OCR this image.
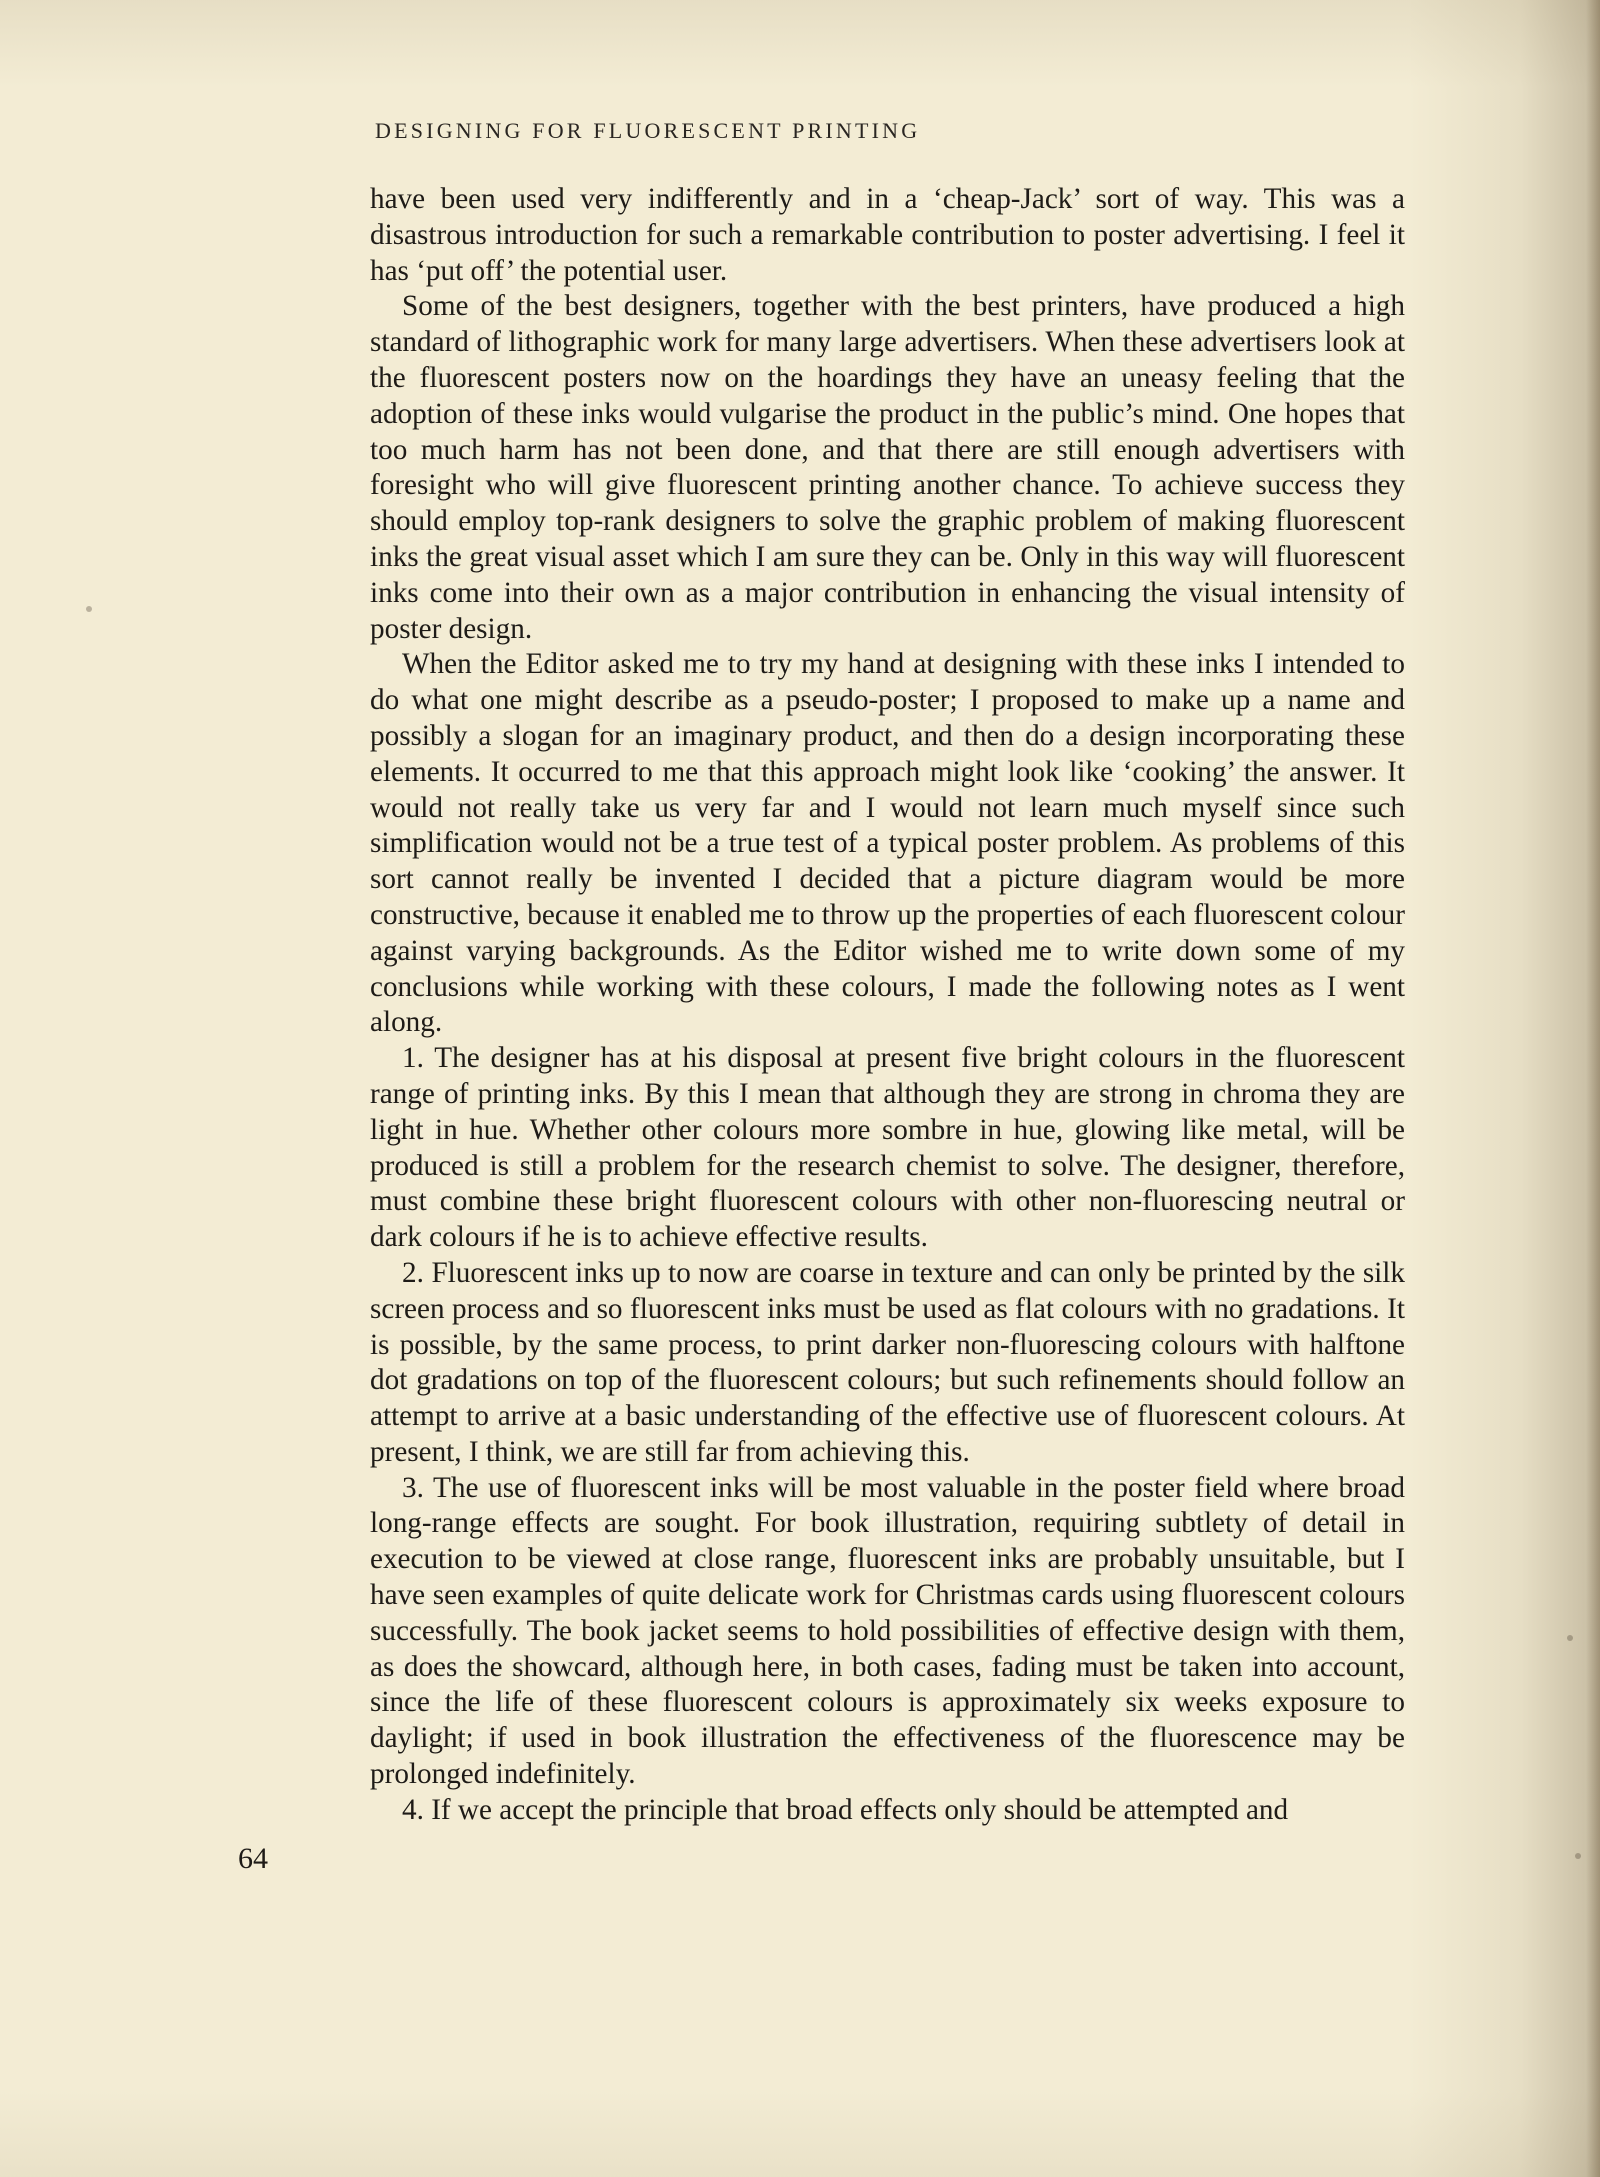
DESIGNING FOR FLUORESCENT PRINTING

have been used very indifferently and in a ‘cheap-Jack’ sort of way. This was a disastrous introduction for such a remarkable contribution to poster advertising. I feel it has ‘put off’ the potential user.

Some of the best designers, together with the best printers, have produced a high standard of lithographic work for many large advertisers. When these advertisers look at the fluorescent posters now on the hoardings they have an uneasy feeling that the adoption of these inks would vulgarise the product in the public’s mind. One hopes that too much harm has not been done, and that there are still enough advertisers with foresight who will give fluorescent printing another chance. To achieve success they should employ top-rank designers to solve the graphic problem of making fluorescent inks the great visual asset which I am sure they can be. Only in this way will fluorescent inks come into their own as a major contribution in enhancing the visual intensity of poster design.

When the Editor asked me to try my hand at designing with these inks I intended to do what one might describe as a pseudo-poster; I proposed to make up a name and possibly a slogan for an imaginary product, and then do a design incorporating these elements. It occurred to me that this approach might look like ‘cooking’ the answer. It would not really take us very far and I would not learn much myself since such simplification would not be a true test of a typical poster problem. As problems of this sort cannot really be invented I decided that a picture diagram would be more constructive, because it enabled me to throw up the properties of each fluorescent colour against varying backgrounds. As the Editor wished me to write down some of my conclusions while working with these colours, I made the following notes as I went along.

1. The designer has at his disposal at present five bright colours in the fluorescent range of printing inks. By this I mean that although they are strong in chroma they are light in hue. Whether other colours more sombre in hue, glowing like metal, will be produced is still a problem for the research chemist to solve. The designer, therefore, must combine these bright fluorescent colours with other non-fluorescing neutral or dark colours if he is to achieve effective results.

2. Fluorescent inks up to now are coarse in texture and can only be printed by the silk screen process and so fluorescent inks must be used as flat colours with no gradations. It is possible, by the same process, to print darker non-fluorescing colours with halftone dot gradations on top of the fluorescent colours; but such refinements should follow an attempt to arrive at a basic understanding of the effective use of fluorescent colours. At present, I think, we are still far from achieving this.

3. The use of fluorescent inks will be most valuable in the poster field where broad long-range effects are sought. For book illustration, requiring subtlety of detail in execution to be viewed at close range, fluorescent inks are probably unsuitable, but I have seen examples of quite delicate work for Christmas cards using fluorescent colours successfully. The book jacket seems to hold possibilities of effective design with them, as does the showcard, although here, in both cases, fading must be taken into account, since the life of these fluorescent colours is approximately six weeks exposure to daylight; if used in book illustration the effectiveness of the fluorescence may be prolonged indefinitely.

4. If we accept the principle that broad effects only should be attempted and

64
